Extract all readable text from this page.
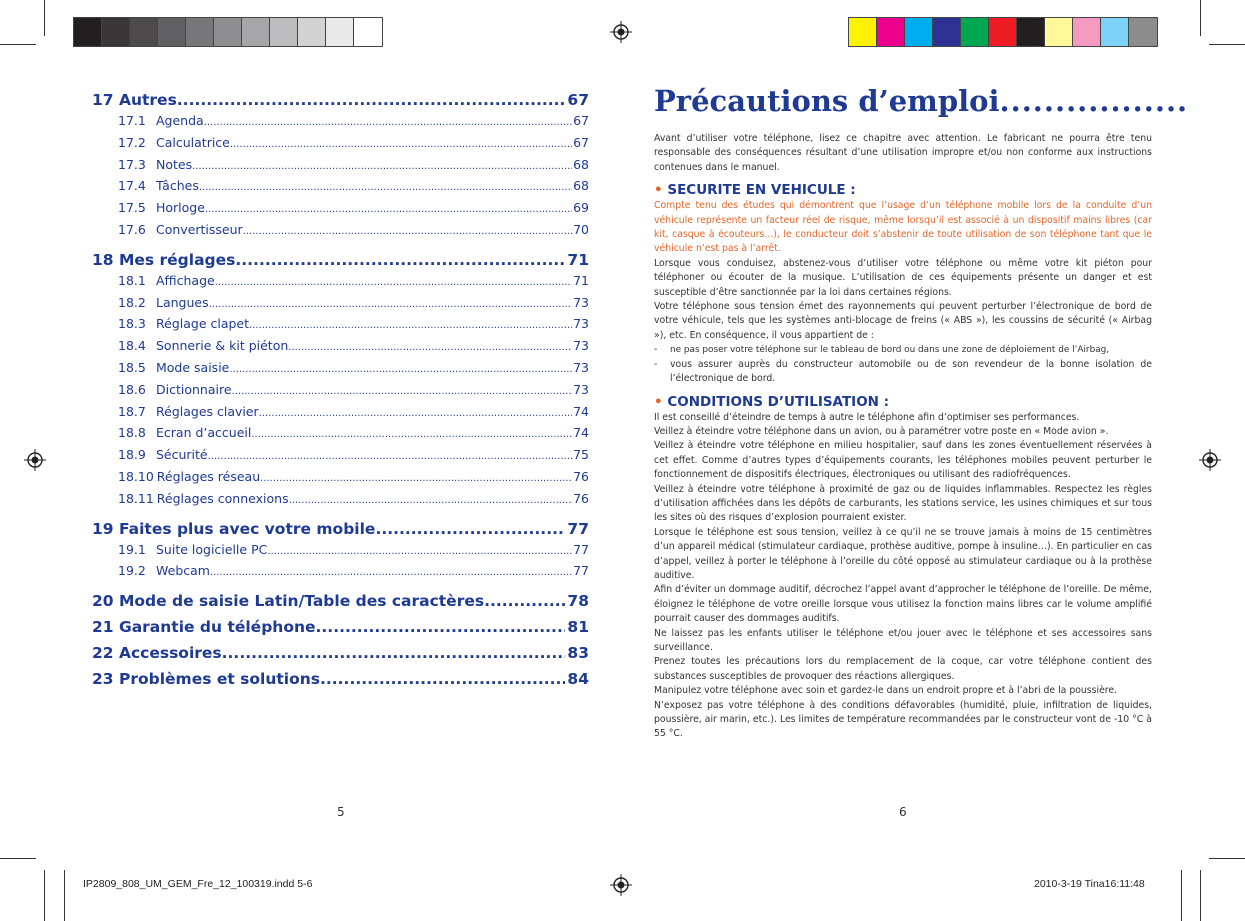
17 Autres .....	67
17.1 Agenda .....	67
17.2 Calculatrice .....	67
17.3 Notes .....	68
17.4 Tâches .....	68
17.5 Horloge .....	69
17.6 Convertisseur .....	70
18 Mes réglages .....	71
18.1 Affichage .....	71
18.2 Langues .....	73
18.3 Réglage clapet .....	73
18.4 Sonnerie & kit piéton .....	73
18.5 Mode saisie .....	73
18.6 Dictionnaire .....	73
18.7 Réglages clavier .....	74
18.8 Ecran d’accueil .....	74
18.9 Sécurité .....	75
18.10 Réglages réseau .....	76
18.11 Réglages connexions .....	76
19 Faites plus avec votre mobile .....	77
19.1 Suite logicielle PC .....	77
19.2 Webcam .....	77
20 Mode de saisie Latin/Table des caractères .....	78
21 Garantie du téléphone .....	81
22 Accessoires .....	83
23 Problèmes et solutions .....	84
Précautions d’emploi .................

Avant d’utiliser votre téléphone, lisez ce chapitre avec attention. Le fabricant ne pourra être tenu responsable des conséquences résultant d’une utilisation impropre et/ou non conforme aux instructions contenues dans le manuel.

• SECURITE EN VEHICULE :

Compte tenu des études qui démontrent que l’usage d’un téléphone mobile lors de la conduite d’un véhicule représente un facteur réel de risque, même lorsqu’il est associé à un dispositif mains libres (car kit, casque à écouteurs...), le conducteur doit s’abstenir de toute utilisation de son téléphone tant que le véhicule n’est pas à l’arrêt.

Lorsque vous conduisez, abstenez-vous d’utiliser votre téléphone ou même votre kit piéton pour téléphoner ou écouter de la musique. L’utilisation de ces équipements présente un danger et est susceptible d’être sanctionnée par la loi dans certaines régions.

Votre téléphone sous tension émet des rayonnements qui peuvent perturber l’électronique de bord de votre véhicule, tels que les systèmes anti-blocage de freins (« ABS »), les coussins de sécurité (« Airbag »), etc. En conséquence, il vous appartient de :

-	ne pas poser votre téléphone sur le tableau de bord ou dans une zone de déploiement de l’Airbag,
-	vous assurer auprès du constructeur automobile ou de son revendeur de la bonne isolation de l’électronique de bord.

• CONDITIONS D’UTILISATION :

Il est conseillé d’éteindre de temps à autre le téléphone afin d’optimiser ses performances.

Veillez à éteindre votre téléphone dans un avion, ou à paramétrer votre poste en « Mode avion ».

Veillez à éteindre votre téléphone en milieu hospitalier, sauf dans les zones éventuellement réservées à cet effet. Comme d’autres types d’équipements courants, les téléphones mobiles peuvent perturber le fonctionnement de dispositifs électriques, électroniques ou utilisant des radiofréquences.

Veillez à éteindre votre téléphone à proximité de gaz ou de liquides inflammables. Respectez les règles d’utilisation affichées dans les dépôts de carburants, les stations service, les usines chimiques et sur tous les sites où des risques d’explosion pourraient exister.

Lorsque le téléphone est sous tension, veillez à ce qu’il ne se trouve jamais à moins de 15 centimètres d’un appareil médical (stimulateur cardiaque, prothèse auditive, pompe à insuline…). En particulier en cas d’appel, veillez à porter le téléphone à l’oreille du côté opposé au stimulateur cardiaque ou à la prothèse auditive.

Afin d’éviter un dommage auditif, décrochez l’appel avant d’approcher le téléphone de l’oreille. De même, éloignez le téléphone de votre oreille lorsque vous utilisez la fonction mains libres car le volume amplifié pourrait causer des dommages auditifs.

Ne laissez pas les enfants utiliser le téléphone et/ou jouer avec le téléphone et ses accessoires sans surveillance.

Prenez toutes les précautions lors du remplacement de la coque, car votre téléphone contient des substances susceptibles de provoquer des réactions allergiques.

Manipulez votre téléphone avec soin et gardez-le dans un endroit propre et à l’abri de la poussière.

N’exposez pas votre téléphone à des conditions défavorables (humidité, pluie, infiltration de liquides, poussière, air marin, etc.). Les limites de température recommandées par le constructeur vont de -10 °C à 55 °C.

5	6
IP2809_808_UM_GEM_Fre_12_100319.indd 5-6	2010-3-19 Tina16:11:48
